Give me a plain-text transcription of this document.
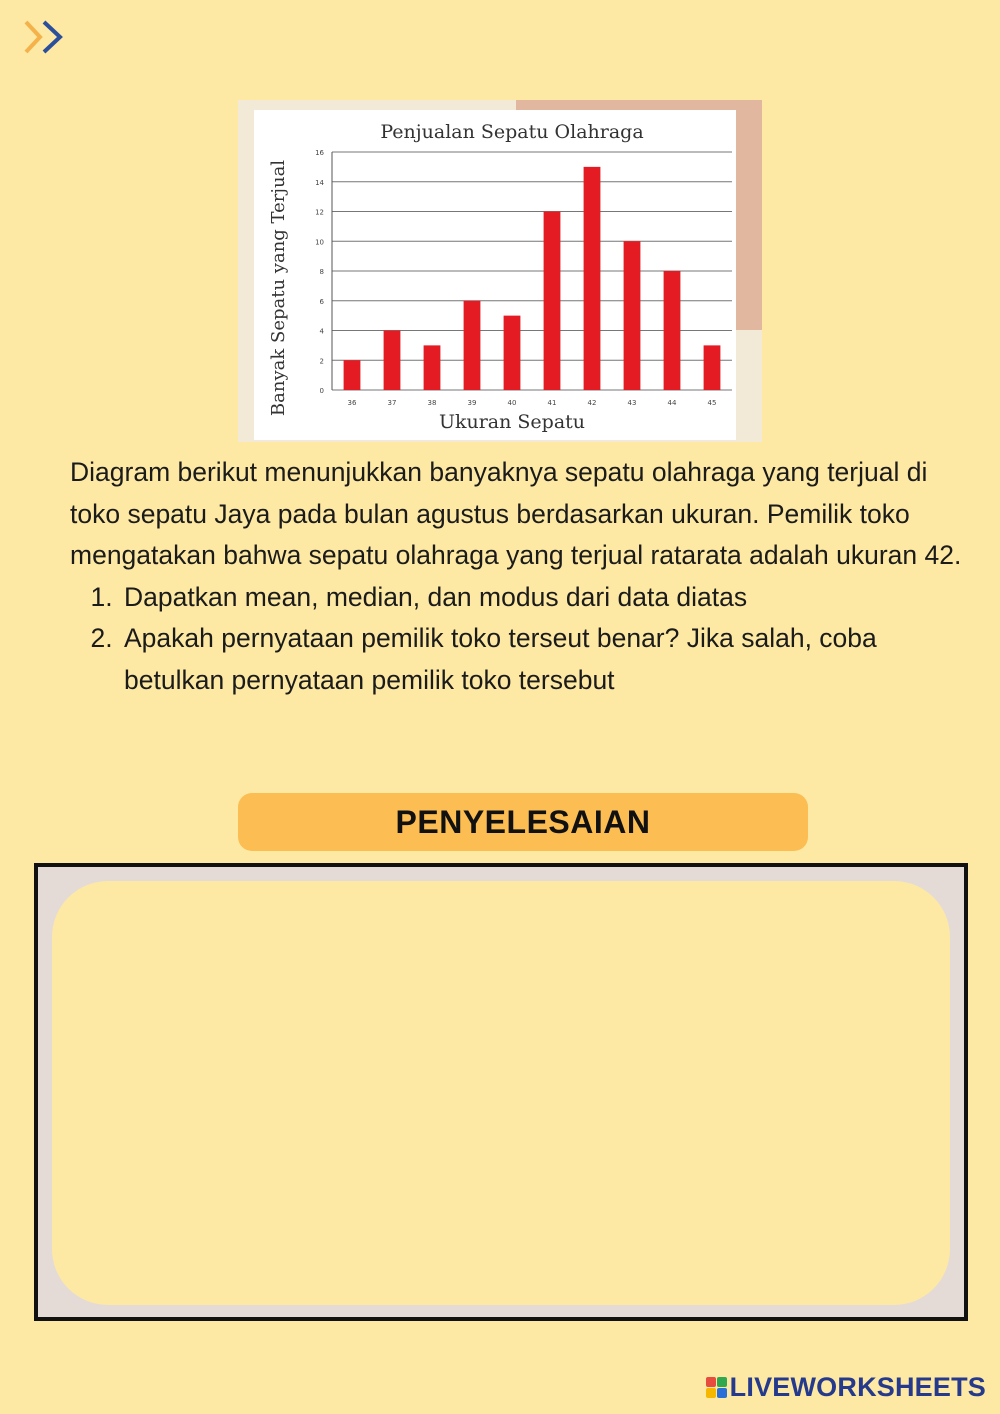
Penjualan Sepatu Olahraga
Ukuran Sepatu
Banyak Sepatu yang Terjual	0
2
4
6
8
10
12
14
16
36	37	38	39	40	41	42	43	44	45

Diagram berikut menunjukkan banyaknya sepatu olahraga yang terjual di toko sepatu Jaya pada bulan agustus berdasarkan ukuran. Pemilik toko mengatakan bahwa sepatu olahraga yang terjual ratarata adalah ukuran 42.

1. Dapatkan mean, median, dan modus dari data diatas
2. Apakah pernyataan pemilik toko terseut benar? Jika salah, coba betulkan pernyataan pemilik toko tersebut
PENYELESAIAN
LIVEWORKSHEETS
